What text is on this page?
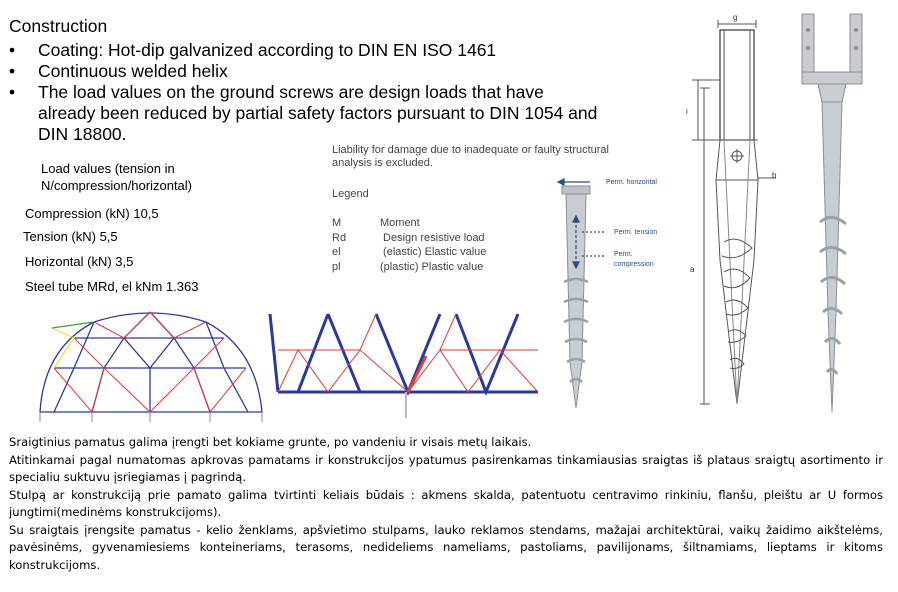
Construction
• Coating: Hot-dip galvanized according to DIN EN ISO 1461
• Continuous welded helix
• The load values on the ground screws are design loads that have already been reduced by partial safety factors pursuant to DIN 1054 and DIN 18800.
Load values (tension in
N/compression/horizontal)
Compression (kN) 10,5
Tension (kN) 5,5
Horizontal (kN) 3,5
Steel tube MRd, el kNm 1.363
Liability for damage due to inadequate or faulty structural analysis is excluded.
Legend
M	Moment
Rd	Design resistive load
el	(elastic) Elastic value
pl	(plastic) Plastic value
Perm. horizontal
Perm. tension
Perm.
compression
g
i
b
a

Sraigtinius pamatus galima įrengti bet kokiame grunte, po vandeniu ir visais metų laikais.

Atitinkamai pagal numatomas apkrovas pamatams ir konstrukcijos ypatumus pasirenkamas tinkamiausias sraigtas iš plataus sraigtų asortimento ir specialiu suktuvu įsriegiamas į pagrindą.

Stulpą ar konstrukciją prie pamato galima tvirtinti keliais būdais : akmens skalda, patentuotu centravimo rinkiniu, flanšu, pleištu ar U formos jungtimi(medinėms konstrukcijoms).

Su sraigtais įrengsite pamatus - kelio ženklams, apšvietimo stulpams, lauko reklamos stendams, mažajai architektūrai, vaikų žaidimo aikštelėms, pavėsinėms, gyvenamiesiems konteineriams, terasoms, nedideliems nameliams, pastoliams, pavilijonams, šiltnamiams, lieptams ir kitoms konstrukcijoms.
